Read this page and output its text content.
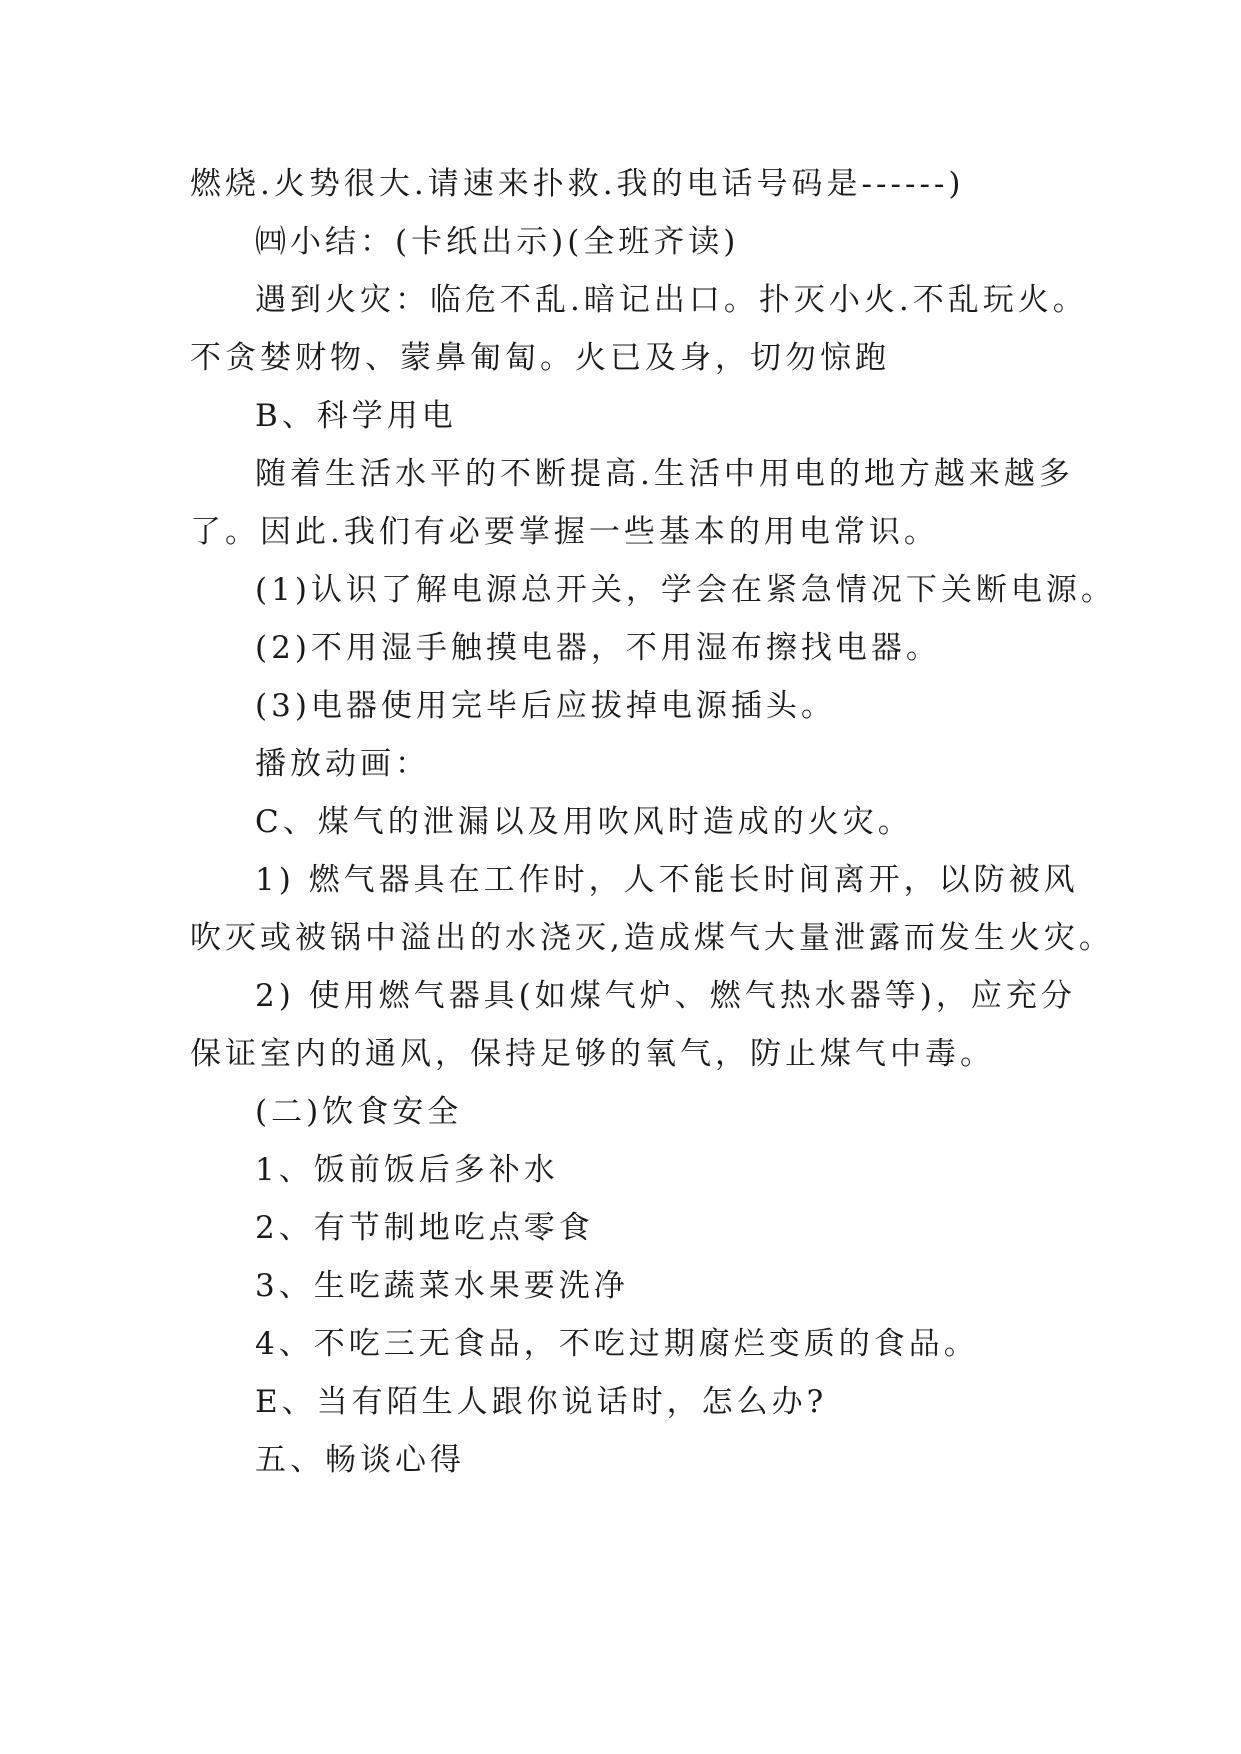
燃烧.火势很大.请速来扑救.我的电话号码是------)
㈣小结：(卡纸出示)(全班齐读)
遇到火灾：临危不乱.暗记出口。扑灭小火.不乱玩火。
不贪婪财物、蒙鼻匍匐。火已及身，切勿惊跑
B、科学用电
随着生活水平的不断提高.生活中用电的地方越来越多
了。因此.我们有必要掌握一些基本的用电常识。
(1)认识了解电源总开关，学会在紧急情况下关断电源。
(2)不用湿手触摸电器，不用湿布擦找电器。
(3)电器使用完毕后应拔掉电源插头。
播放动画：
C、煤气的泄漏以及用吹风时造成的火灾。
1) 燃气器具在工作时，人不能长时间离开，以防被风
吹灭或被锅中溢出的水浇灭,造成煤气大量泄露而发生火灾。
2) 使用燃气器具(如煤气炉、燃气热水器等)，应充分
保证室内的通风，保持足够的氧气，防止煤气中毒。
(二)饮食安全
1、饭前饭后多补水
2、有节制地吃点零食
3、生吃蔬菜水果要洗净
4、不吃三无食品，不吃过期腐烂变质的食品。
E、当有陌生人跟你说话时，怎么办?
五、畅谈心得
